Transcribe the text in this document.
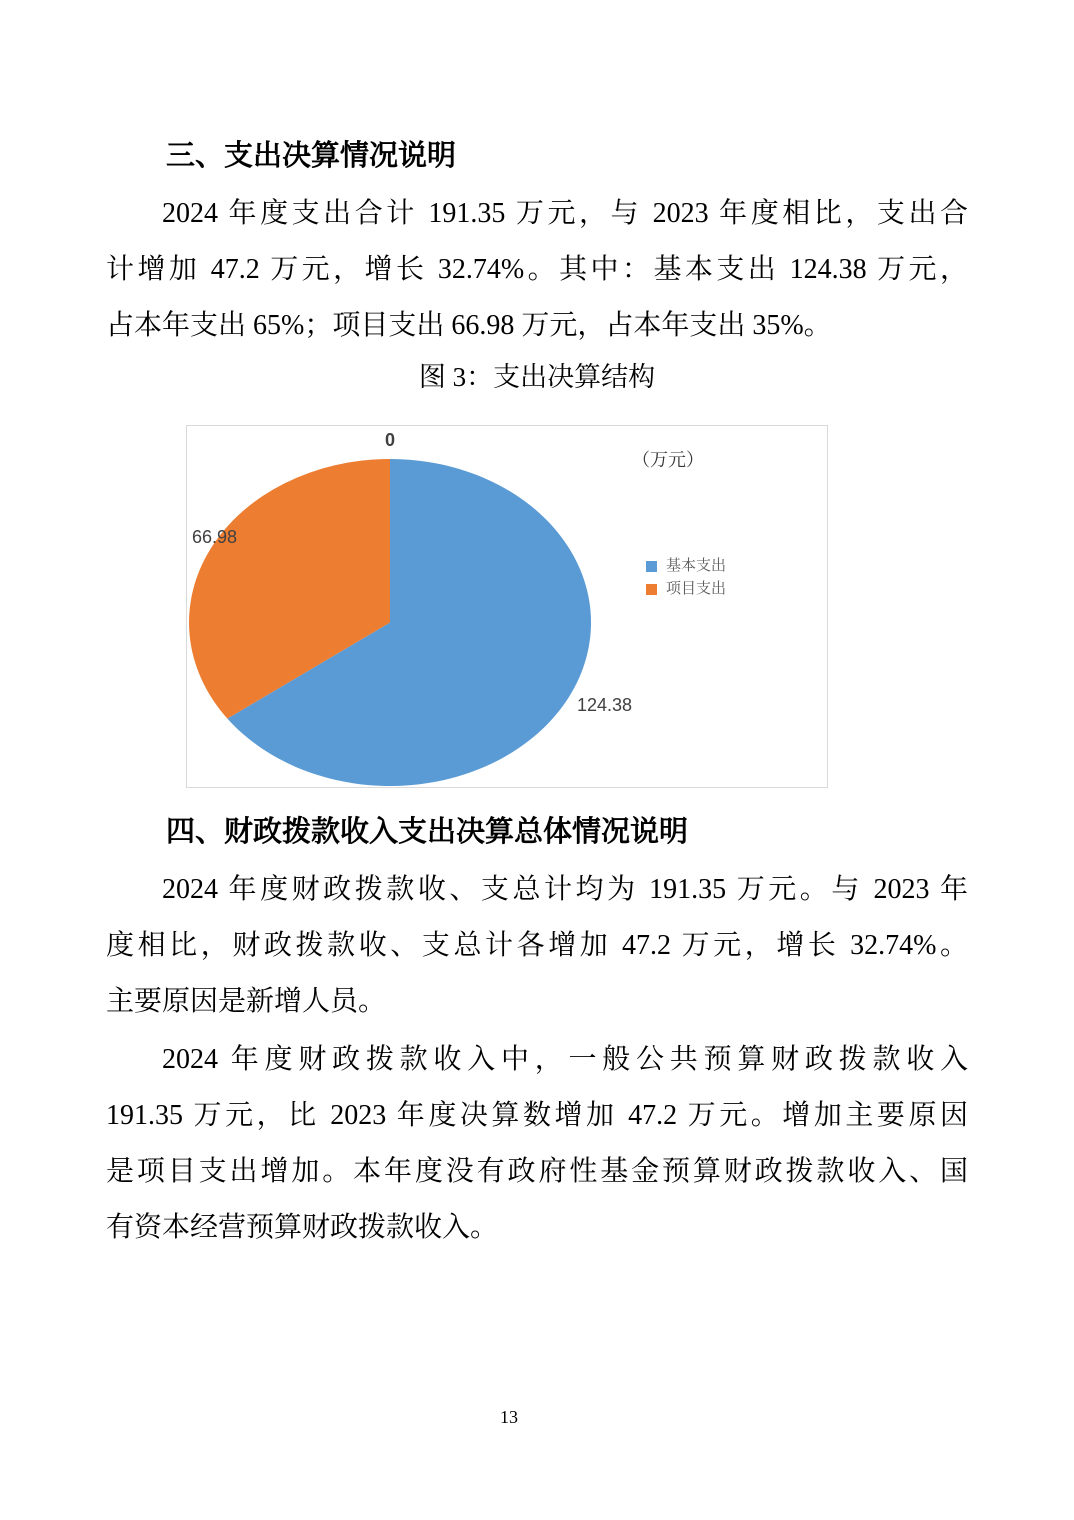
三、支出决算情况说明
2024 年度支出合计 191.35 万元，与 2023 年度相比，支出合
计增加 47.2 万元，增长 32.74%。其中：基本支出 124.38 万元，
占本年支出 65%；项目支出 66.98 万元，占本年支出 35%。
图 3：支出决算结构
0
66.98
124.38
（万元）
基本支出
项目支出
四、财政拨款收入支出决算总体情况说明
2024 年度财政拨款收、支总计均为 191.35 万元。与 2023 年
度相比，财政拨款收、支总计各增加 47.2 万元，增长 32.74%。
主要原因是新增人员。
2024 年度财政拨款收入中，一般公共预算财政拨款收入
191.35 万元，比 2023 年度决算数增加 47.2 万元。增加主要原因
是项目支出增加。本年度没有政府性基金预算财政拨款收入、国
有资本经营预算财政拨款收入。
13
